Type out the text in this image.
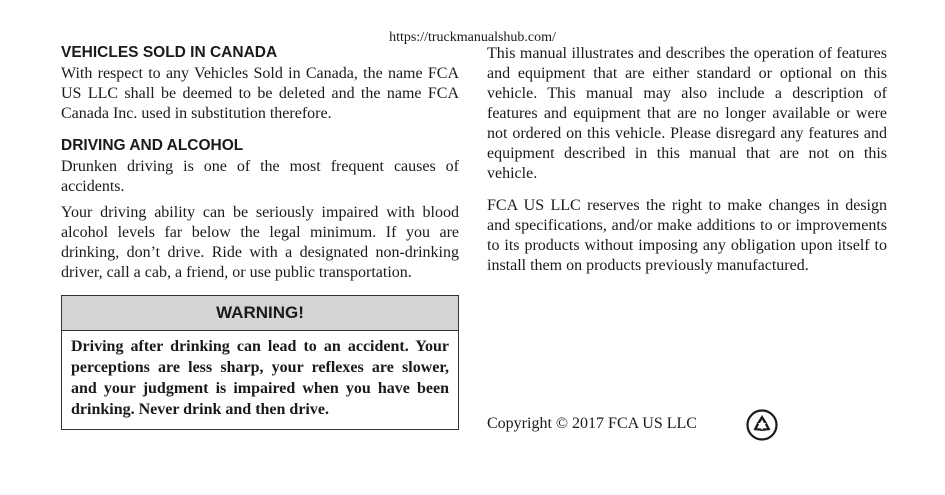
https://truckmanualshub.com/
VEHICLES SOLD IN CANADA

With respect to any Vehicles Sold in Canada, the name FCA US LLC shall be deemed to be deleted and the name FCA Canada Inc. used in substitution therefore.

DRIVING AND ALCOHOL

Drunken driving is one of the most frequent causes of accidents.

Your driving ability can be seriously impaired with blood alcohol levels far below the legal minimum. If you are drinking, don’t drive. Ride with a designated non-drinking driver, call a cab, a friend, or use public transportation.

WARNING!
Driving after drinking can lead to an accident. Your perceptions are less sharp, your reflexes are slower, and your judgment is impaired when you have been drinking. Never drink and then drive.

This manual illustrates and describes the operation of features and equipment that are either standard or optional on this vehicle. This manual may also include a description of features and equipment that are no longer available or were not ordered on this vehicle. Please disregard any features and equipment described in this manual that are not on this vehicle.

FCA US LLC reserves the right to make changes in design and specifications, and/or make additions to or improvements to its products without imposing any obligation upon itself to install them on products previously manufactured.

Copyright © 2017 FCA US LLC
